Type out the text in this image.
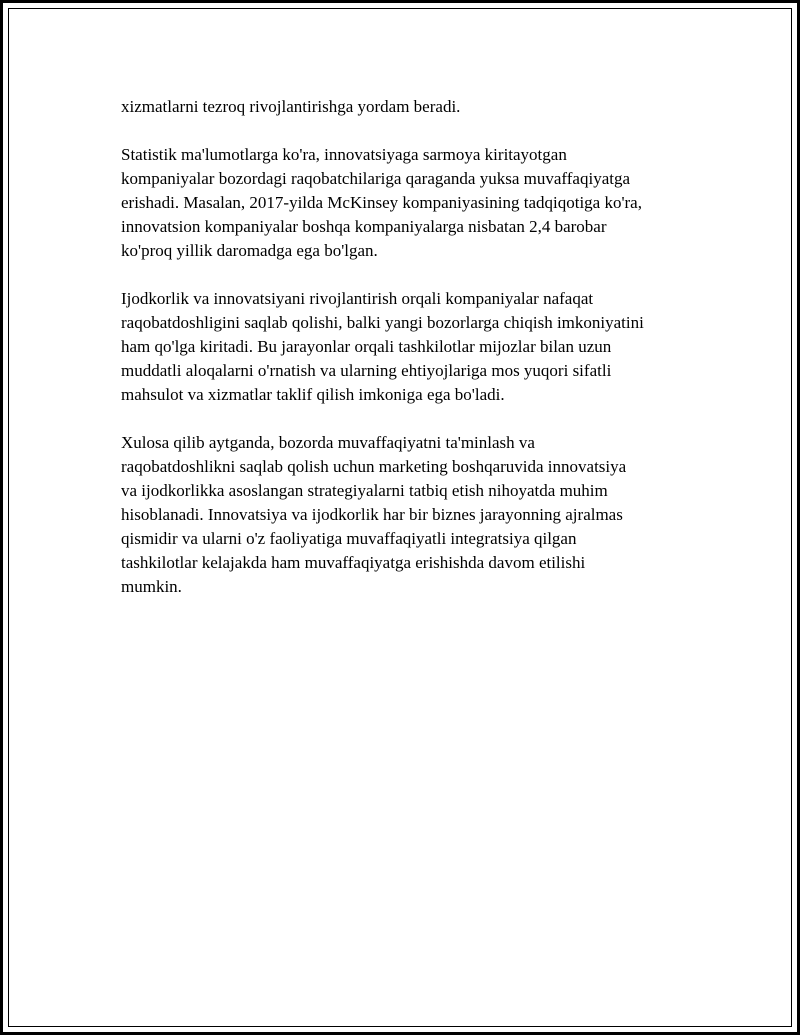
xizmatlarni tezroq rivojlantirishga yordam beradi.

Statistik ma'lumotlarga ko'ra, innovatsiyaga sarmoya kiritayotgan
kompaniyalar bozordagi raqobatchilariga qaraganda yuksa muvaffaqiyatga
erishadi. Masalan, 2017-yilda McKinsey kompaniyasining tadqiqotiga ko'ra,
innovatsion kompaniyalar boshqa kompaniyalarga nisbatan 2,4 barobar
ko'proq yillik daromadga ega bo'lgan.

Ijodkorlik va innovatsiyani rivojlantirish orqali kompaniyalar nafaqat
raqobatdoshligini saqlab qolishi, balki yangi bozorlarga chiqish imkoniyatini
ham qo'lga kiritadi. Bu jarayonlar orqali tashkilotlar mijozlar bilan uzun
muddatli aloqalarni o'rnatish va ularning ehtiyojlariga mos yuqori sifatli
mahsulot va xizmatlar taklif qilish imkoniga ega bo'ladi.

Xulosa qilib aytganda, bozorda muvaffaqiyatni ta'minlash va
raqobatdoshlikni saqlab qolish uchun marketing boshqaruvida innovatsiya
va ijodkorlikka asoslangan strategiyalarni tatbiq etish nihoyatda muhim
hisoblanadi. Innovatsiya va ijodkorlik har bir biznes jarayonning ajralmas
qismidir va ularni o'z faoliyatiga muvaffaqiyatli integratsiya qilgan
tashkilotlar kelajakda ham muvaffaqiyatga erishishda davom etilishi
mumkin.
